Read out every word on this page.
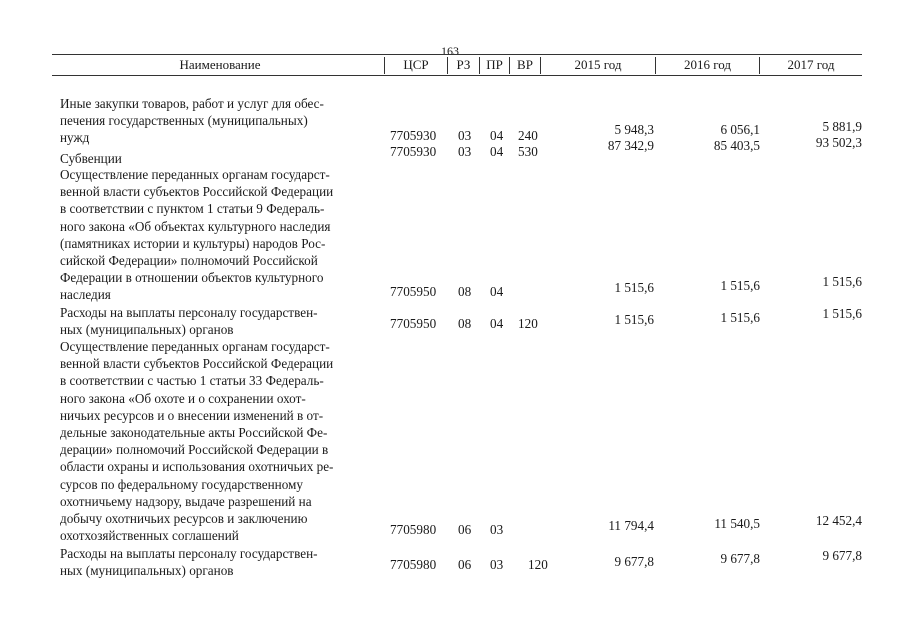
163
Наименование	ЦСР	РЗ	ПР	ВР	2015 год	2016 год	2017 год
Иные закупки товаров, работ и услуг для обес-
печения государственных (муниципальных)
нужд	7705930 03 04 240	5 948,3	6 056,1	5 881,9
Субвенции	7705930 03 04 530	87 342,9	85 403,5	93 502,3
Осуществление переданных органам государст-
венной власти субъектов Российской Федерации
в соответствии с пунктом 1 статьи 9 Федераль-
ного закона «Об объектах культурного наследия
(памятниках истории и культуры) народов Рос-
сийской Федерации» полномочий Российской
Федерации в отношении объектов культурного
наследия	7705950 08 04	1 515,6	1 515,6	1 515,6
Расходы на выплаты персоналу государствен-
ных (муниципальных) органов	7705950 08 04 120	1 515,6	1 515,6	1 515,6
Осуществление переданных органам государст-
венной власти субъектов Российской Федерации
в соответствии с частью 1 статьи 33 Федераль-
ного закона «Об охоте и о сохранении охот-
ничьих ресурсов и о внесении изменений в от-
дельные законодательные акты Российской Фе-
дерации» полномочий Российской Федерации в
области охраны и использования охотничьих ре-
сурсов по федеральному государственному
охотничьему надзору, выдаче разрешений на
добычу охотничьих ресурсов и заключению
охотхозяйственных соглашений	7705980 06 03	11 794,4	11 540,5	12 452,4
Расходы на выплаты персоналу государствен-
ных (муниципальных) органов	7705980 06 03 120	9 677,8	9 677,8	9 677,8
